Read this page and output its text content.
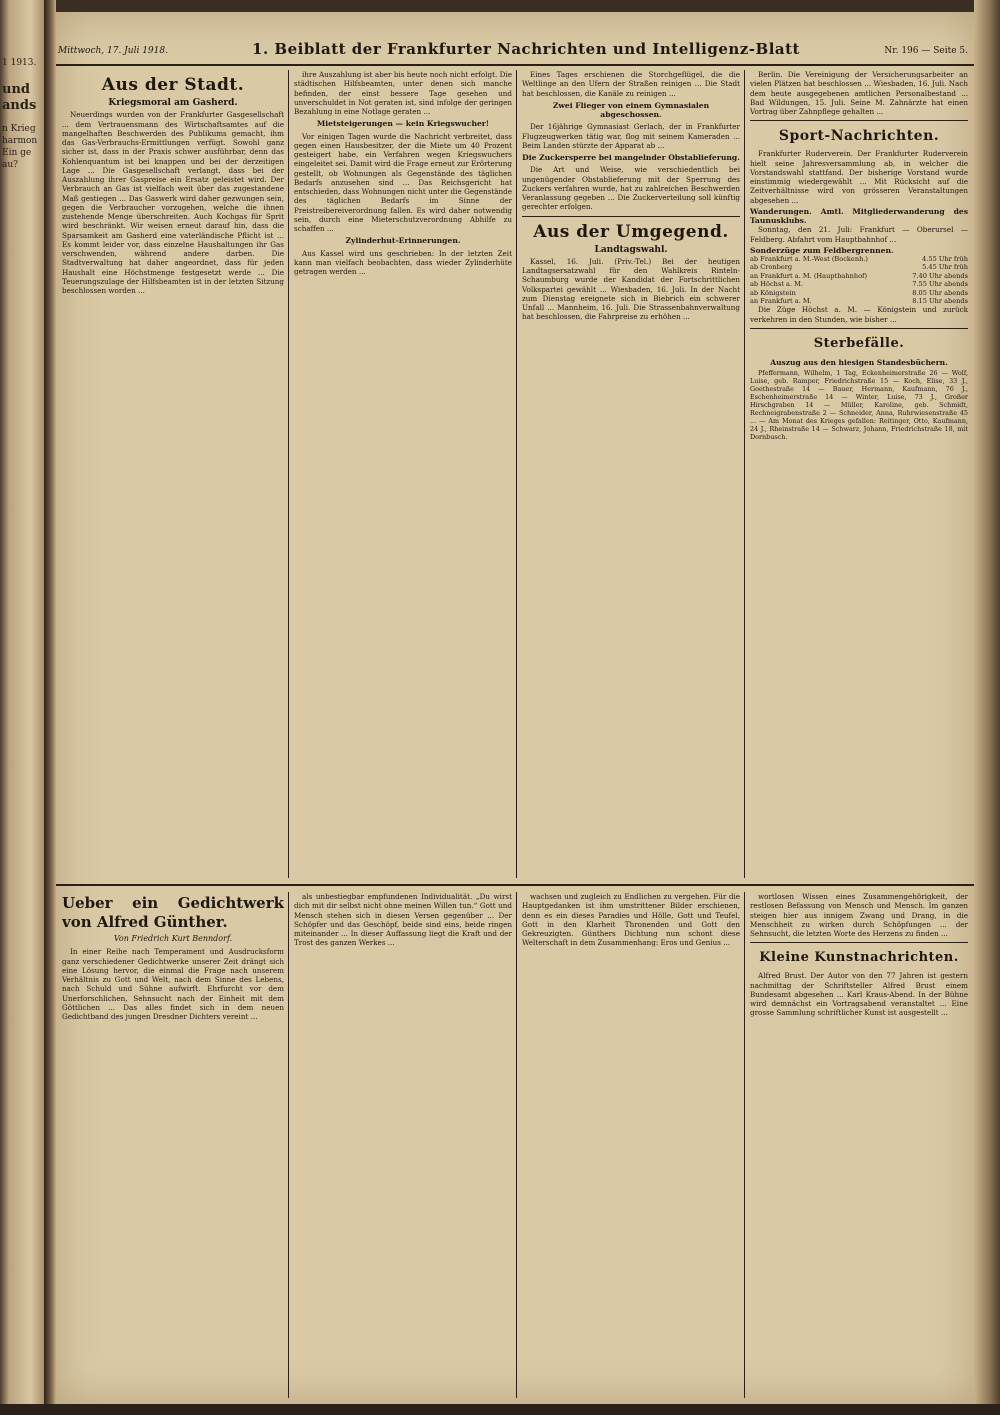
1 1913.
und
ands
n Krieg
harmon
Ein ge
au?
Mittwoch, 17. Juli 1918.	1. Beiblatt der Frankfurter Nachrichten und Intelligenz-Blatt	Nr. 196 — Seite 5.
Aus der Stadt.
Kriegsmoral am Gasherd.

Neuerdings wurden von der Frankfurter Gasgesellschaft ... dem Vertrauensmann des Wirtschaftsamtes auf die mangelhaften Beschwerden des Publikums gemacht, ihm das Gas-Verbrauchs-Ermittlungen verfügt. Sowohl ganz sicher ist, dass in der Praxis schwer ausführbar, denn das Kohlenquantum ist bei knappen und bei der derzeitigen Lage ... Die Gasgesellschaft verlangt, dass bei der Auszahlung ihrer Gaspreise ein Ersatz geleistet wird. Der Verbrauch an Gas ist vielfach weit über das zugestandene Maß gestiegen ... Das Gaswerk wird daher gezwungen sein, gegen die Verbraucher vorzugehen, welche die ihnen zustehende Menge überschreiten. Auch Kochgas für Sprit wird beschränkt. Wir weisen erneut darauf hin, dass die Sparsamkeit am Gasherd eine vaterländische Pflicht ist ... Es kommt leider vor, dass einzelne Haushaltungen ihr Gas verschwenden, während andere darben. Die Stadtverwaltung hat daher angeordnet, dass für jeden Haushalt eine Höchstmenge festgesetzt werde ... Die Teuerungszulage der Hilfsbeamten ist in der letzten Sitzung beschlossen worden ...

ihre Auszahlung ist aber bis heute noch nicht erfolgt. Die städtischen Hilfsbeamten, unter denen sich manche befinden, der einst bessere Tage gesehen und unverschuldet in Not geraten ist, sind infolge der geringen Bezahlung in eine Notlage geraten ...

Mietsteigerungen — kein Kriegswucher!

Vor einigen Tagen wurde die Nachricht verbreitet, dass gegen einen Hausbesitzer, der die Miete um 40 Prozent gesteigert habe, ein Verfahren wegen Kriegswuchers eingeleitet sei. Damit wird die Frage erneut zur Erörterung gestellt, ob Wohnungen als Gegenstände des täglichen Bedarfs anzusehen sind ... Das Reichsgericht hat entschieden, dass Wohnungen nicht unter die Gegenstände des täglichen Bedarfs im Sinne der Preistreibereiverordnung fallen. Es wird daher notwendig sein, durch eine Mieterschutzverordnung Abhilfe zu schaffen ...

Zylinderhut-Erinnerungen.

Aus Kassel wird uns geschrieben: In der letzten Zeit kann man vielfach beobachten, dass wieder Zylinderhüte getragen werden ...

Eines Tages erschienen die Storchgeflügel, die die Weltlinge an den Ufern der Straßen reinigen ... Die Stadt hat beschlossen, die Kanäle zu reinigen ...

Zwei Flieger von einem Gymnasialen abgeschossen.

Der 16jährige Gymnasiast Gerlach, der in Frankfurter Flugzeugwerken tätig war, flog mit seinem Kameraden ... Beim Landen stürzte der Apparat ab ...

Die Zuckersperre bei mangelnder Obstablieferung.

Die Art und Weise, wie verschiedentlich bei ungenügender Obstablieferung mit der Sperrung des Zuckers verfahren wurde, hat zu zahlreichen Beschwerden Veranlassung gegeben ... Die Zuckerverteilung soll künftig gerechter erfolgen.

Aus der Umgegend.
Landtagswahl.

Kassel, 16. Juli. (Priv.-Tel.) Bei der heutigen Landtagsersatzwahl für den Wahlkreis Rinteln-Schaumburg wurde der Kandidat der Fortschrittlichen Volkspartei gewählt ... Wiesbaden, 16. Juli. In der Nacht zum Dienstag ereignete sich in Biebrich ein schwerer Unfall ... Mannheim, 16. Juli. Die Strassenbahnverwaltung hat beschlossen, die Fahrpreise zu erhöhen ...

Berlin. Die Vereinigung der Versicherungsarbeiter an vielen Plätzen hat beschlossen ... Wiesbaden, 16. Juli. Nach dem heute ausgegebenen amtlichen Personalbestand ... Bad Wildungen, 15. Juli. Seine M. Zahnärzte hat einen Vortrag über Zahnpflege gehalten ...

Sport-Nachrichten.

Frankfurter Ruderverein. Der Frankfurter Ruderverein hielt seine Jahresversammlung ab, in welcher die Vorstandswahl stattfand. Der bisherige Vorstand wurde einstimmig wiedergewählt ... Mit Rücksicht auf die Zeitverhältnisse wird von grösseren Veranstaltungen abgesehen ...

Wanderungen. Amtl. Mitgliederwanderung des Taunusklubs.

Sonntag, den 21. Juli: Frankfurt — Oberursel — Feldberg. Abfahrt vom Hauptbahnhof ...

Sonderzüge zum Feldbergrennen.
ab Frankfurt a. M.-West (Bockenh.)	4.55 Uhr früh
ab Cronberg	5.45 Uhr früh
an Frankfurt a. M. (Hauptbahnhof)	7.40 Uhr abends
ab Höchst a. M.	7.55 Uhr abends
ab Königstein	8.05 Uhr abends
an Frankfurt a. M.	8.15 Uhr abends

Die Züge Höchst a. M. — Königstein und zurück verkehren in den Stunden, wie bisher ...

Sterbefälle.
Auszug aus den hiesigen Standesbüchern.

Pfeffermann, Wilhelm, 1 Tag, Eckenheimerstraße 26 — Wolf, Luise, geb. Ramper, Friedrichstraße 15 — Koch, Elise, 33 J., Goethestraße 14 — Bauer, Hermann, Kaufmann, 76 J., Eschenheimerstraße 14 — Winter, Luise, 73 J., Großer Hirschgraben 14 — Müller, Karoline, geb. Schmidt, Rechneigrabenstraße 2 — Schneider, Anna, Ruhrwiesenstraße 45 ... — Am Monat des Krieges gefallen: Reitinger, Otto, Kaufmann, 24 J., Rheinstraße 14 — Schwarz, Johann, Friedrichstraße 18, mit Dornbusch.

Ueber ein Gedichtwerk von Alfred Günther.
Von Friedrich Kurt Benndorf.

In einer Reihe nach Temperament und Ausdrucksform ganz verschiedener Gedichtwerke unserer Zeit drängt sich eine Lösung hervor, die einmal die Frage nach unserem Verhältnis zu Gott und Welt, nach dem Sinne des Lebens, nach Schuld und Sühne aufwirft. Ehrfurcht vor dem Unerforschlichen, Sehnsucht nach der Einheit mit dem Göttlichen ... Das alles findet sich in dem neuen Gedichtband des jungen Dresdner Dichters vereint ...

als unbestiegbar empfundenen Individualität. „Du wirst dich mit dir selbst nicht ohne meinen Willen tun.“ Gott und Mensch stehen sich in diesen Versen gegenüber ... Der Schöpfer und das Geschöpf, beide sind eins, beide ringen miteinander ... In dieser Auffassung liegt die Kraft und der Trost des ganzen Werkes ...

wachsen und zugleich zu Endlichen zu vergehen. Für die Hauptgedanken ist ihm umstrittener Bilder erschienen, denn es ein dieses Paradies und Hölle, Gott und Teufel, Gott in den Klarheit Thronenden und Gott den Gekreuzigten. Günthers Dichtung nun schont diese Welterschaft in dem Zusammenhang: Eros und Genius ...

wortlosen Wissen eines Zusammengehörigkeit, der restlosen Befassung von Mensch und Mensch. Im ganzen steigen hier aus innigem Zwang und Drang, in die Menschheit zu wirken durch Schöpfungen ... der Sehnsucht, die letzten Worte des Herzens zu finden ...

Kleine Kunstnachrichten.

Alfred Brust. Der Autor von den 77 Jahren ist gestern nachmittag der Schriftsteller Alfred Brust einem Bundesamt abgesehen ... Karl Kraus-Abend. In der Bühne wird demnächst ein Vortragsabend veranstaltet ... Eine grosse Sammlung schriftlicher Kunst ist ausgestellt ...
